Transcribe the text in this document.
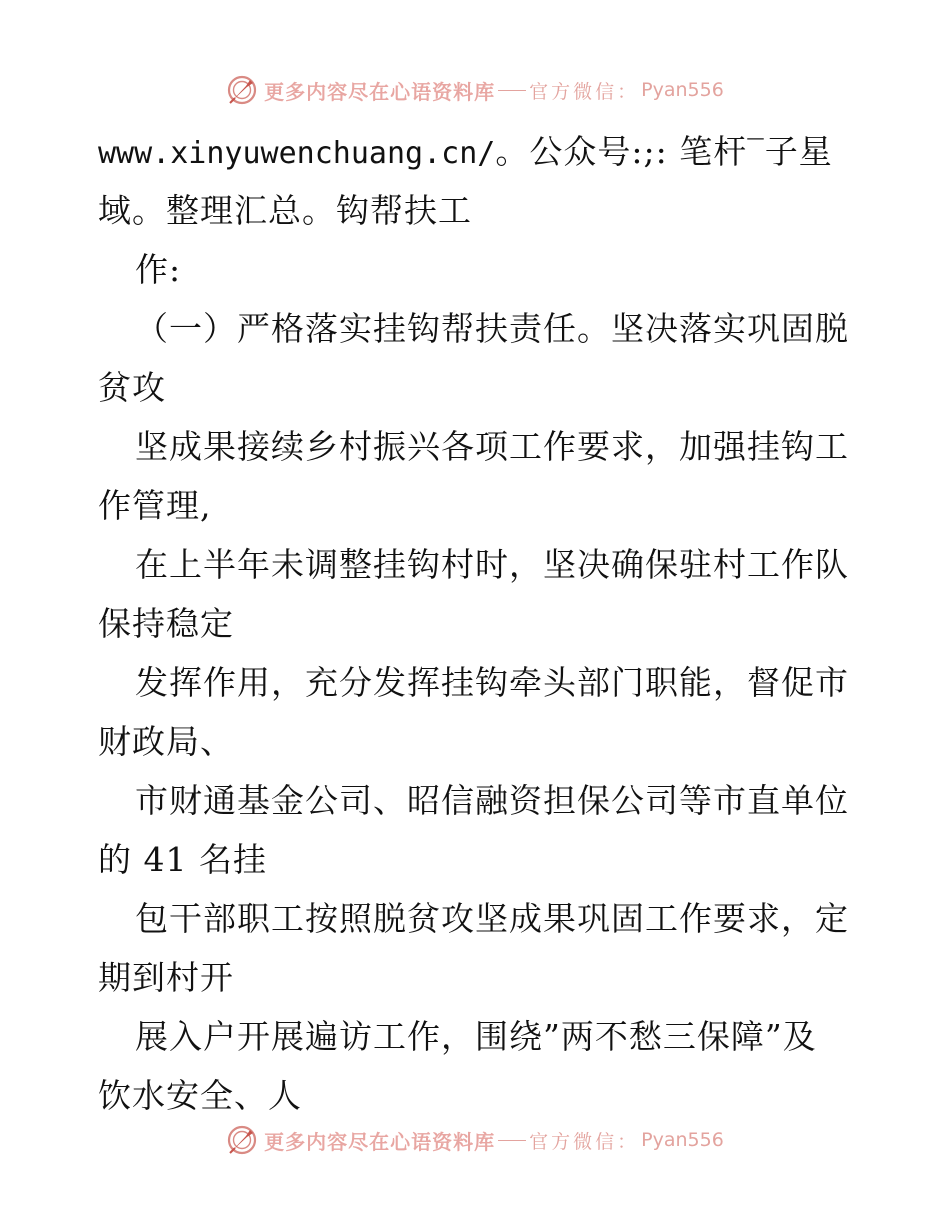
更多内容尽在心语资料库 官方微信： Pyan556
www.xinyuwenchuang.cn/。公众号:;: 笔杆‾子星
域。整理汇总。钩帮扶工
作:
（一）严格落实挂钩帮扶责任。坚决落实巩固脱
贫攻
坚成果接续乡村振兴各项工作要求，加强挂钩工
作管理,
在上半年未调整挂钩村时，坚决确保驻村工作队
保持稳定
发挥作用，充分发挥挂钩牵头部门职能，督促市
财政局、
市财通基金公司、昭信融资担保公司等市直单位
的 41 名挂
包干部职工按照脱贫攻坚成果巩固工作要求，定
期到村开
展入户开展遍访工作，围绕”两不愁三保障”及
饮水安全、人
更多内容尽在心语资料库 官方微信： Pyan556
